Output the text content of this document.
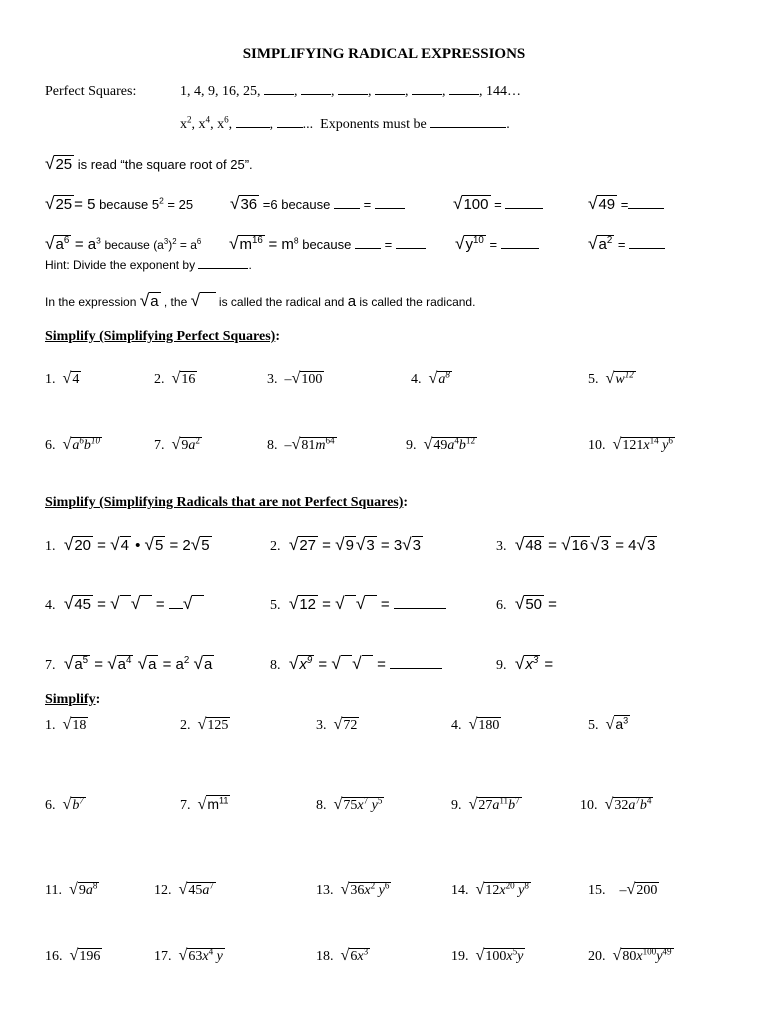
SIMPLIFYING RADICAL EXPRESSIONS
Perfect Squares:	1, 4, 9, 16, 25, , , , , , , 144…
$x^2$, $x^4$, $x^6$, , ...  Exponents must be	.
√25 is read “the square root of 25”.
√25 = 5 because $5^2 = 25$ √36 =6 because  =	√100 =	√49 =
$√a^6 = a^3$ because $(a^3)^2 = a^6$ $√m^{16} = m^8$ because  =	$√y^{10}$ =	$√a^2$ =
Hint: Divide the exponent by	.
In the expression √a , the √ is called the radical and a is called the radicand.
Simplify (Simplifying Perfect Squares):
1.  √4	2.  √16	3.  –√100	4.  $√a^8$	5.  $√w^{12}$
6.  $√a^6b^{10}$	7.  $√9a^2$	8.  $-√81m^{64}$	9.  $√49a^4b^{12}$	10.  $√121x^{14}$ $y^6$
Simplify (Simplifying Radicals that are not Perfect Squares):
1. √20 = √4 • √5 = 2√5	2. √27 = √9 √3 = 3√3	3. √48 = √16 √3 = 4√3
4. √45 = √ √   = √	5. √12 = √ √   =	6. √50 =
7. $√a^5 = √a^4$ $√a = a^2$ √a	8. $√x^9$ = √ √   =	9. $√x^3$ =
Simplify:
1.  √18	2.  √125	3.  √72	4.  √180	5.  $√a^3$
6.  $√b^7$	7.  $√m^{11}$	8.  $√75x^7$ $y^5$	9.  $√27a^{11}b^7$	10.  $√32a^7b^4$
11.  $√9a^8$	12.  $√45a^7$	13.  $√36x^2$ $y^6$	14.  $√12x^{20}$ $y^8$	15.    –√200
16.  √196	17.  $√63x^4$ y	18.  $√6x^3$	19.  $√100x^5y$	20.  $√80x^{100}y^{49}$
